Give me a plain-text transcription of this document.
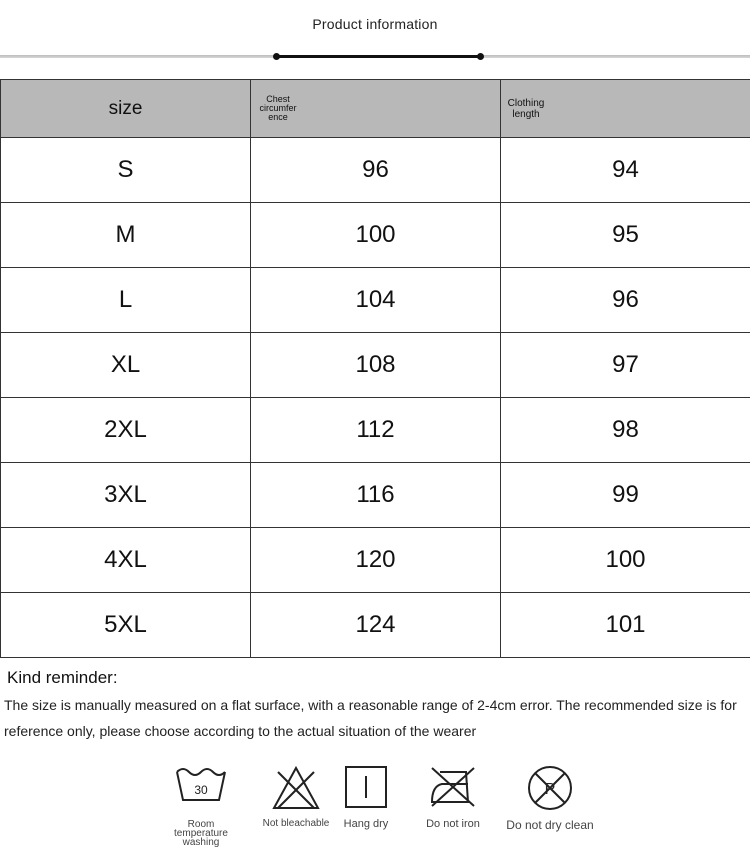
Product information
size	Chest circumfer ence	Clothing length

S	96	94
M	100	95
L	104	96
XL	108	97
2XL	112	98
3XL	116	99
4XL	120	100
5XL	124	101
Kind reminder:
The size is manually measured on a flat surface, with a reasonable range of 2-4cm error. The recommended size is for reference only, please choose according to the actual situation of the wearer
30
Room temperature washing
Not bleachable	Hang dry	Do not iron
P
Do not dry clean
